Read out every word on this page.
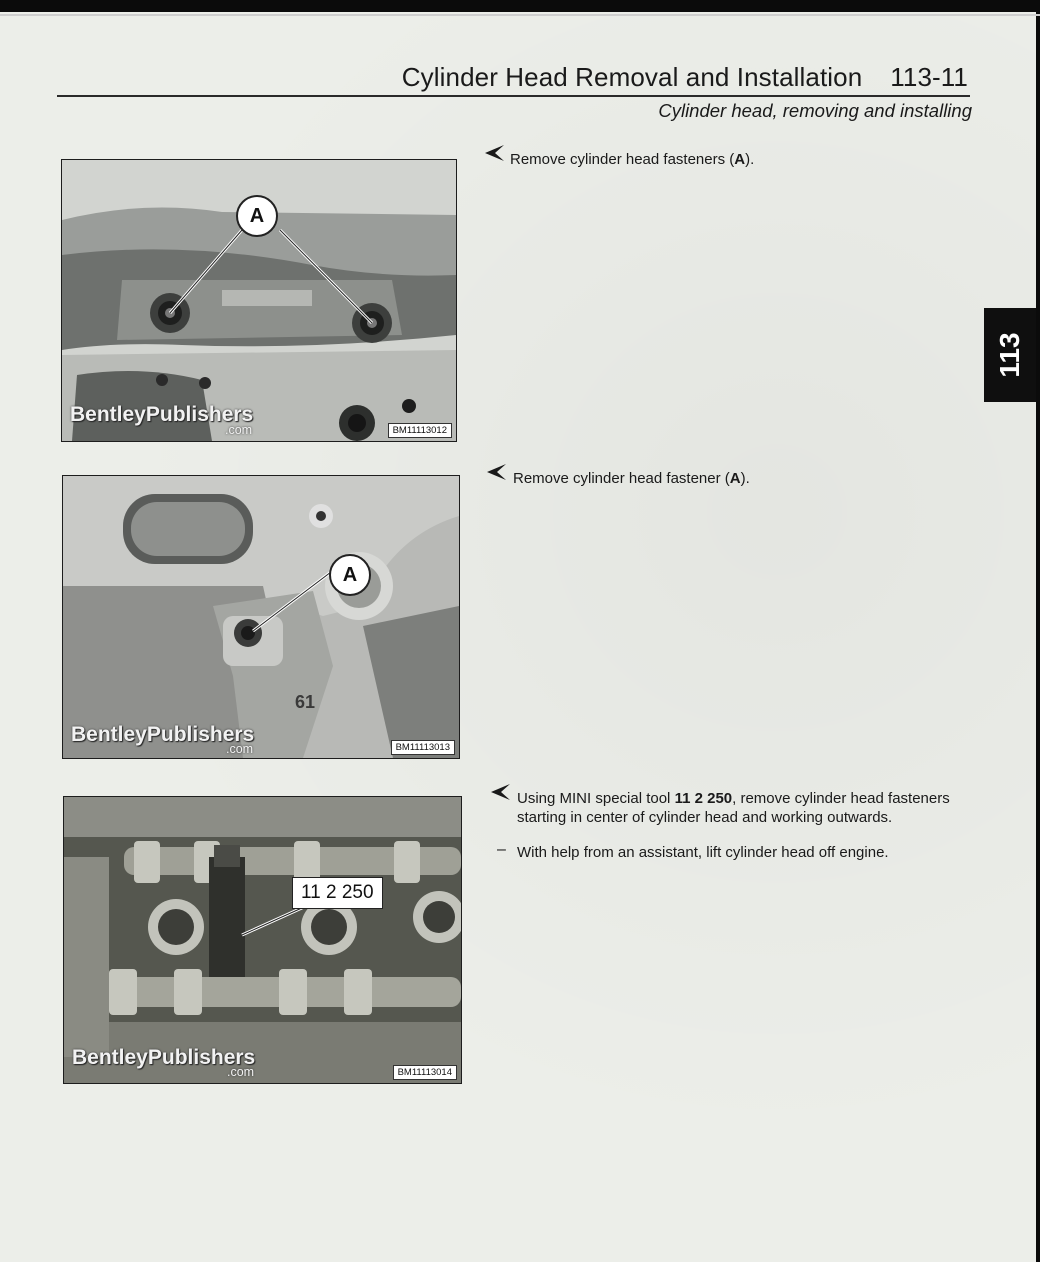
Cylinder Head Removal and Installation 113-11
Cylinder head, removing and installing
113
A
BentleyPublishers
.com	BM11113012
61
A
BentleyPublishers
.com	BM11113013
11 2 250
BentleyPublishers
.com	BM11113014
Remove cylinder head fasteners (A).
Remove cylinder head fastener (A).
Using MINI special tool 11 2 250, remove cylinder head fasteners starting in center of cylinder head and working outwards.
– With help from an assistant, lift cylinder head off engine.
